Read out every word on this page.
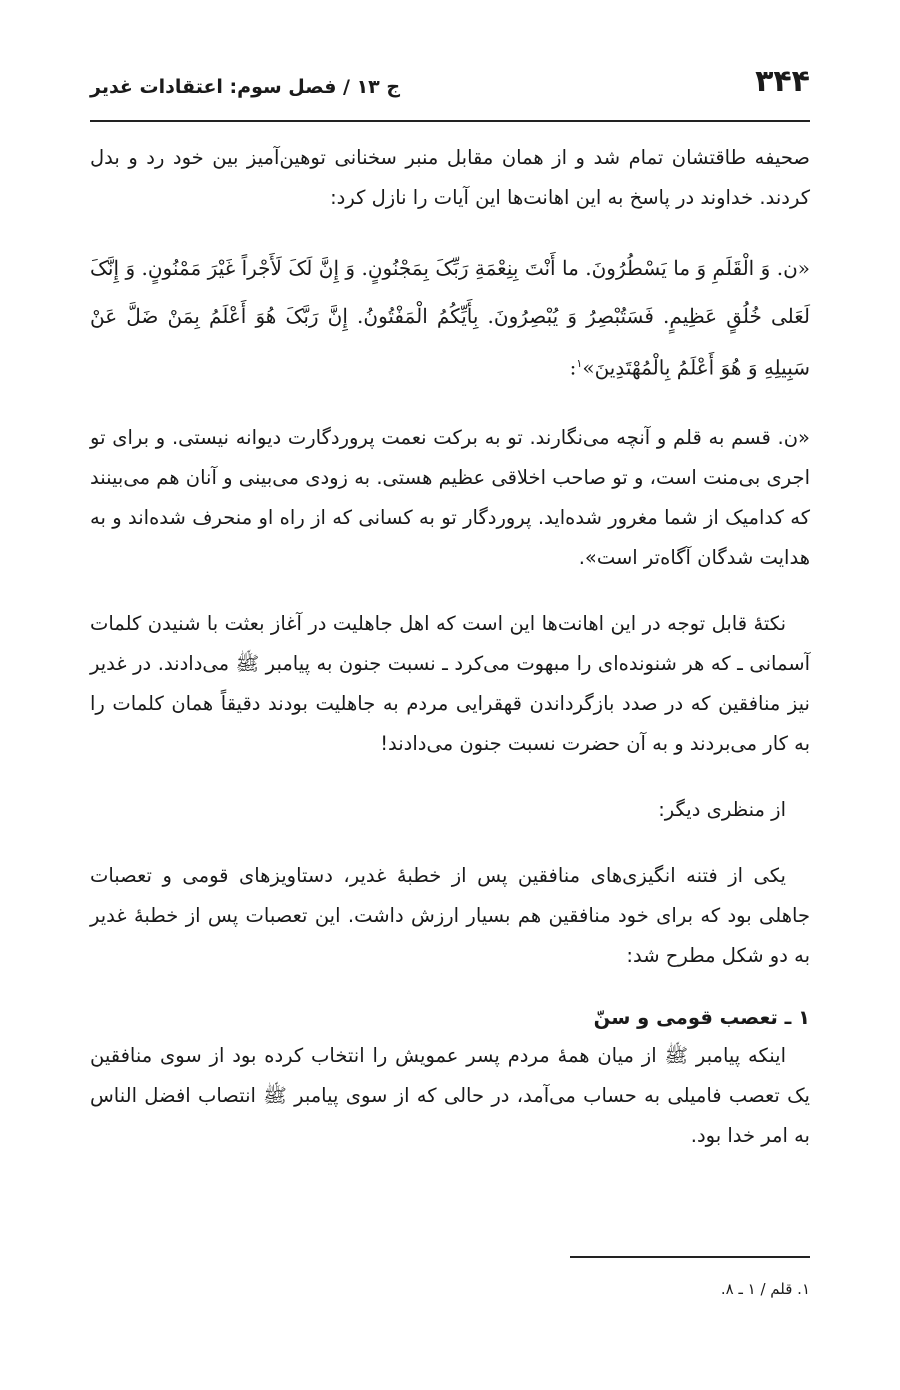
۳۴۴
ج ۱۳ / فصل سوم: اعتقادات غدیر

صحیفه طاقتشان تمام شد و از همان مقابل منبر سخنانی توهین‌آمیز بین خود رد و بدل کردند. خداوند در پاسخ به این اهانت‌ها این آیات را نازل کرد:

«ن. وَ الْقَلَمِ وَ ما یَسْطُرُونَ. ما أَنْتَ بِنِعْمَةِ رَبِّکَ بِمَجْنُونٍ. وَ إِنَّ لَکَ لَأَجْراً غَیْرَ مَمْنُونٍ. وَ إِنَّکَ لَعَلی خُلُقٍ عَظِیمٍ. فَسَتُبْصِرُ وَ یُبْصِرُونَ. بِأَیِّکُمُ الْمَفْتُونُ. إِنَّ رَبَّکَ هُوَ أَعْلَمُ بِمَنْ ضَلَّ عَنْ سَبِیلِهِ وَ هُوَ أَعْلَمُ بِالْمُهْتَدِینَ»$^۱$:

«ن. قسم به قلم و آنچه می‌نگارند. تو به برکت نعمت پروردگارت دیوانه نیستی. و برای تو اجری بی‌منت است، و تو صاحب اخلاقی عظیم هستی. به زودی می‌بینی و آنان هم می‌بینند که کدامیک از شما مغرور شده‌اید. پروردگار تو به کسانی که از راه او منحرف شده‌اند و به هدایت شدگان آگاه‌تر است».

نکتهٔ قابل توجه در این اهانت‌ها این است که اهل جاهلیت در آغاز بعثت با شنیدن کلمات آسمانی ـ که هر شنونده‌ای را مبهوت می‌کرد ـ نسبت جنون به پیامبر ﷺ می‌دادند. در غدیر نیز منافقین که در صدد بازگرداندن قهقرایی مردم به جاهلیت بودند دقیقاً همان کلمات را به کار می‌بردند و به آن حضرت نسبت جنون می‌دادند!

از منظری دیگر:

یکی از فتنه انگیزی‌های منافقین پس از خطبهٔ غدیر، دستاویزهای قومی و تعصبات جاهلی بود که برای خود منافقین هم بسیار ارزش داشت. این تعصبات پس از خطبهٔ غدیر به دو شکل مطرح شد:

۱ ـ تعصب قومی و سنّ

اینکه پیامبر ﷺ از میان همهٔ مردم پسر عمویش را انتخاب کرده بود از سوی منافقین یک تعصب فامیلی به حساب می‌آمد، در حالی که از سوی پیامبر ﷺ انتصاب افضل الناس به امر خدا بود.

۱. قلم / ۱ ـ ۸.
